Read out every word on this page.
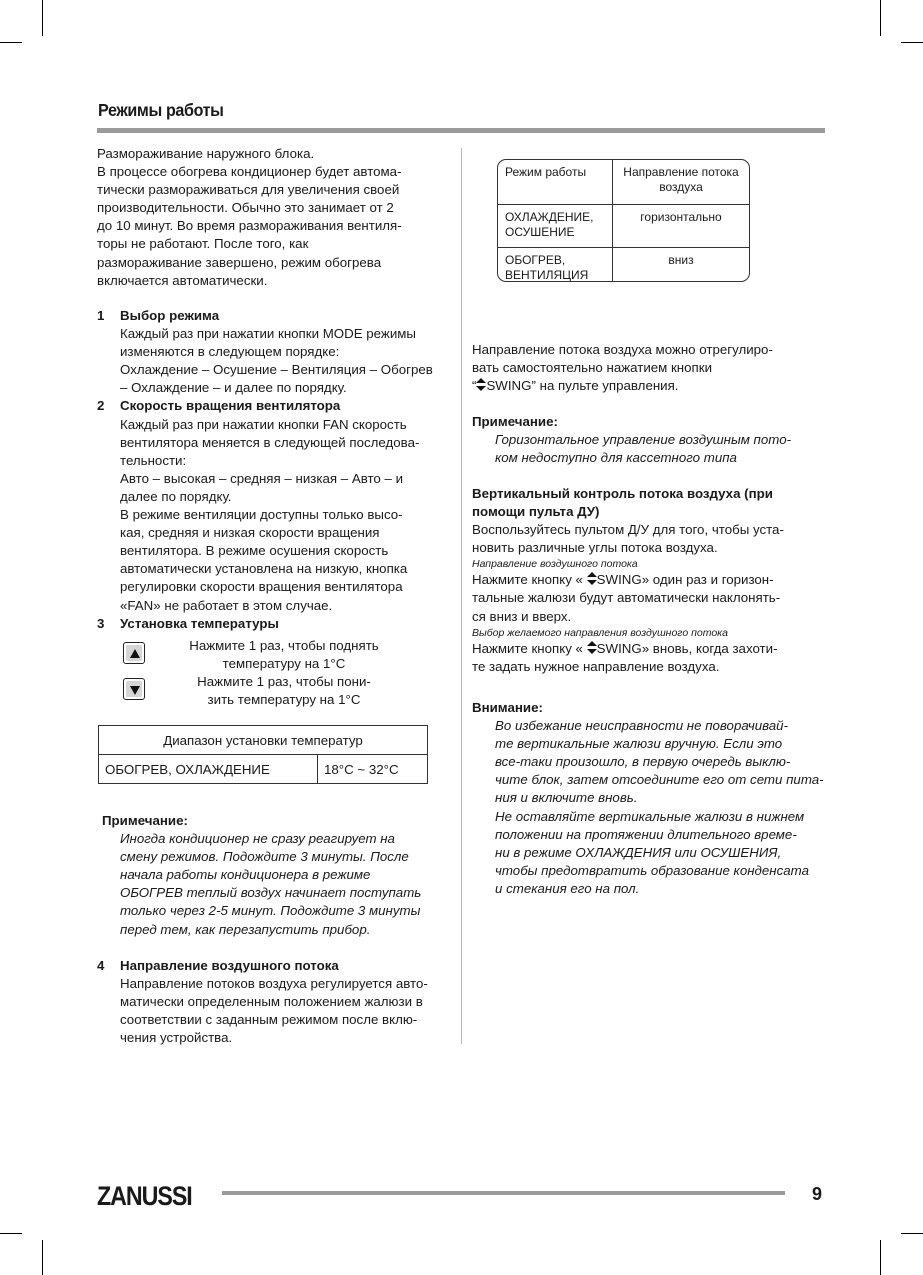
Режимы работы
Размораживание наружного блока.
В процессе обогрева кондиционер будет автома-
тически размораживаться для увеличения своей
производительности. Обычно это занимает от 2
до 10 минут. Во время размораживания вентиля-
торы не работают. После того, как
размораживание завершено, режим обогрева
включается автоматически.
1	Выбор режима
Каждый раз при нажатии кнопки MODE режимы
изменяются в следующем порядке:
Охлаждение – Осушение – Вентиляция – Обогрев
– Охлаждение – и далее по порядку.
2	Скорость вращения вентилятора
Каждый раз при нажатии кнопки FAN скорость
вентилятора меняется в следующей последова-
тельности:
Авто – высокая – средняя – низкая – Авто – и
далее по порядку.
В режиме вентиляции доступны только высо-
кая, средняя и низкая скорости вращения
вентилятора. В режиме осушения скорость
автоматически установлена на низкую, кнопка
регулировки скорости вращения вентилятора
«FAN» не работает в этом случае.
3	Установка температуры
Нажмите 1 раз, чтобы поднять
температуру на 1°C
Нажмите 1 раз, чтобы пони-
зить температуру на 1°C
Диапазон установки температур
ОБОГРЕВ, ОХЛАЖДЕНИЕ	18°C ~ 32°C
Примечание:
Иногда кондиционер не сразу реагирует на
смену режимов. Подождите 3 минуты. После
начала работы кондиционера в режиме
ОБОГРЕВ теплый воздух начинает поступать
только через 2-5 минут. Подождите 3 минуты
перед тем, как перезапустить прибор.
4	Направление воздушного потока
Направление потоков воздуха регулируется авто-
матически определенным положением жалюзи в
соответствии с заданным режимом после вклю-
чения устройства.
Режим работы	Направление потока
воздуха

ОХЛАЖДЕНИЕ,
ОСУШЕНИЕ	горизонтально

ОБОГРЕВ,
ВЕНТИЛЯЦИЯ	вниз
Направление потока воздуха можно отрегулиро-
вать самостоятельно нажатием кнопки
“ SWING” на пульте управления.
Примечание:
Горизонтальное управление воздушным пото-
ком недоступно для кассетного типа
Вертикальный контроль потока воздуха (при
помощи пульта ДУ)
Воспользуйтесь пультом Д/У для того, чтобы уста-
новить различные углы потока воздуха.
Направление воздушного потока
Нажмите кнопку « SWING» один раз и горизон-
тальные жалюзи будут автоматически наклонять-
ся вниз и вверх.
Выбор желаемого направления воздушного потока
Нажмите кнопку « SWING» вновь, когда захоти-
те задать нужное направление воздуха.
Внимание:
Во избежание неисправности не поворачивай-
те вертикальные жалюзи вручную. Если это
все-таки произошло, в первую очередь выклю-
чите блок, затем отсоедините его от сети пита-
ния и включите вновь.
Не оставляйте вертикальные жалюзи в нижнем
положении на протяжении длительного време-
ни в режиме ОХЛАЖДЕНИЯ или ОСУШЕНИЯ,
чтобы предотвратить образование конденсата
и стекания его на пол.
ZANUSSI	9
